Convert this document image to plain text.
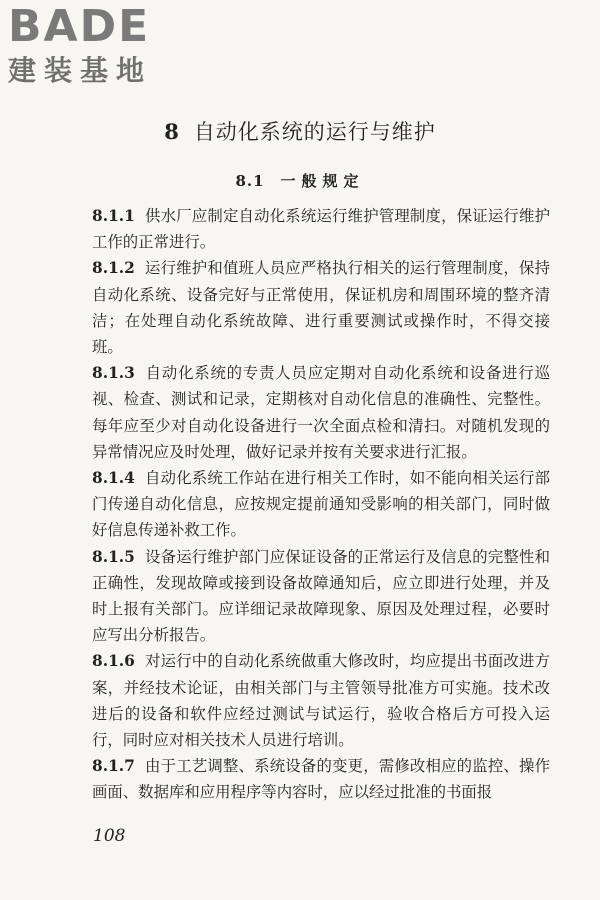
BADE
建装基地
8 自动化系统的运行与维护
8.1 一般规定

8.1.1 供水厂应制定自动化系统运行维护管理制度，保证运行维护工作的正常进行。

8.1.2 运行维护和值班人员应严格执行相关的运行管理制度，保持自动化系统、设备完好与正常使用，保证机房和周围环境的整齐清洁；在处理自动化系统故障、进行重要测试或操作时，不得交接班。

8.1.3 自动化系统的专责人员应定期对自动化系统和设备进行巡视、检查、测试和记录，定期核对自动化信息的准确性、完整性。每年应至少对自动化设备进行一次全面点检和清扫。对随机发现的异常情况应及时处理，做好记录并按有关要求进行汇报。

8.1.4 自动化系统工作站在进行相关工作时，如不能向相关运行部门传递自动化信息，应按规定提前通知受影响的相关部门，同时做好信息传递补救工作。

8.1.5 设备运行维护部门应保证设备的正常运行及信息的完整性和正确性，发现故障或接到设备故障通知后，应立即进行处理，并及时上报有关部门。应详细记录故障现象、原因及处理过程，必要时应写出分析报告。

8.1.6 对运行中的自动化系统做重大修改时，均应提出书面改进方案，并经技术论证，由相关部门与主管领导批准方可实施。技术改进后的设备和软件应经过测试与试运行，验收合格后方可投入运行，同时应对相关技术人员进行培训。

8.1.7 由于工艺调整、系统设备的变更，需修改相应的监控、操作画面、数据库和应用程序等内容时，应以经过批准的书面报

108
